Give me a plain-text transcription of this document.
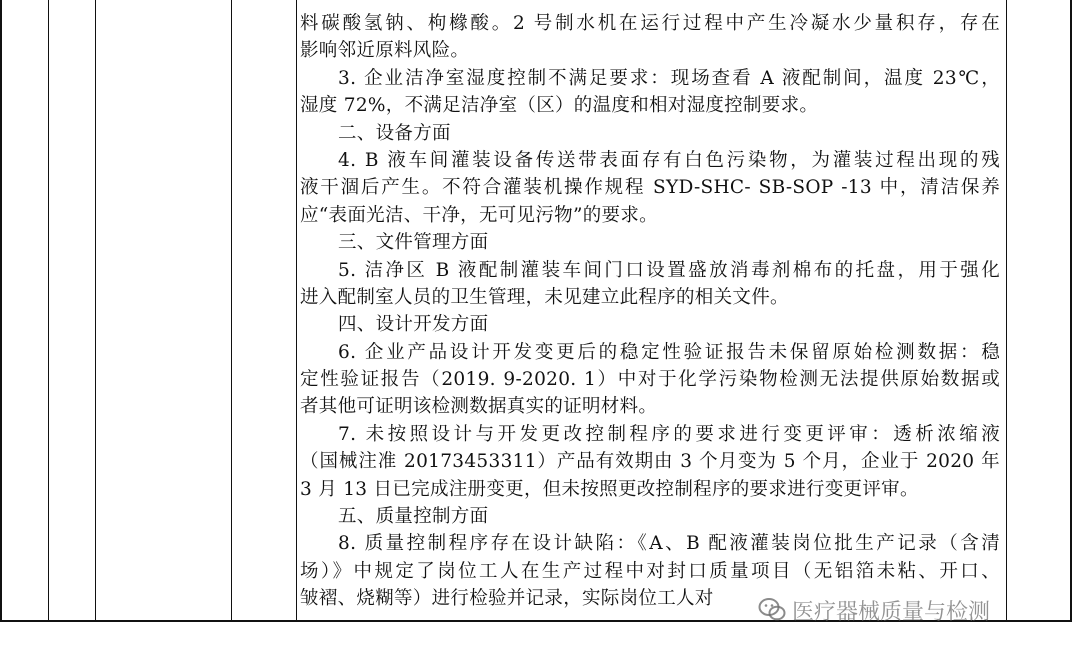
料碳酸氢钠、枸橼酸。2 号制水机在运行过程中产生冷凝水少量积存，存在
影响邻近原料风险。
3. 企业洁净室湿度控制不满足要求：现场查看 A 液配制间，温度 23℃，
湿度 72%，不满足洁净室（区）的温度和相对湿度控制要求。
二、设备方面
4. B 液车间灌装设备传送带表面存有白色污染物，为灌装过程出现的残
液干涸后产生。不符合灌装机操作规程 SYD-SHC- SB-SOP -13 中，清洁保养
应“表面光洁、干净，无可见污物”的要求。
三、文件管理方面
5. 洁净区 B 液配制灌装车间门口设置盛放消毒剂棉布的托盘，用于强化
进入配制室人员的卫生管理，未见建立此程序的相关文件。
四、设计开发方面
6. 企业产品设计开发变更后的稳定性验证报告未保留原始检测数据：稳
定性验证报告（2019. 9-2020. 1）中对于化学污染物检测无法提供原始数据或
者其他可证明该检测数据真实的证明材料。
7. 未按照设计与开发更改控制程序的要求进行变更评审：透析浓缩液
（国械注准 20173453311）产品有效期由 3 个月变为 5 个月，企业于 2020 年
3 月 13 日已完成注册变更，但未按照更改控制程序的要求进行变更评审。
五、质量控制方面
8. 质量控制程序存在设计缺陷：《A、B 配液灌装岗位批生产记录（含清
场）》中规定了岗位工人在生产过程中对封口质量项目（无铝箔未粘、开口、
皱褶、烧糊等）进行检验并记录，实际岗位工人对
医疗器械质量与检测
